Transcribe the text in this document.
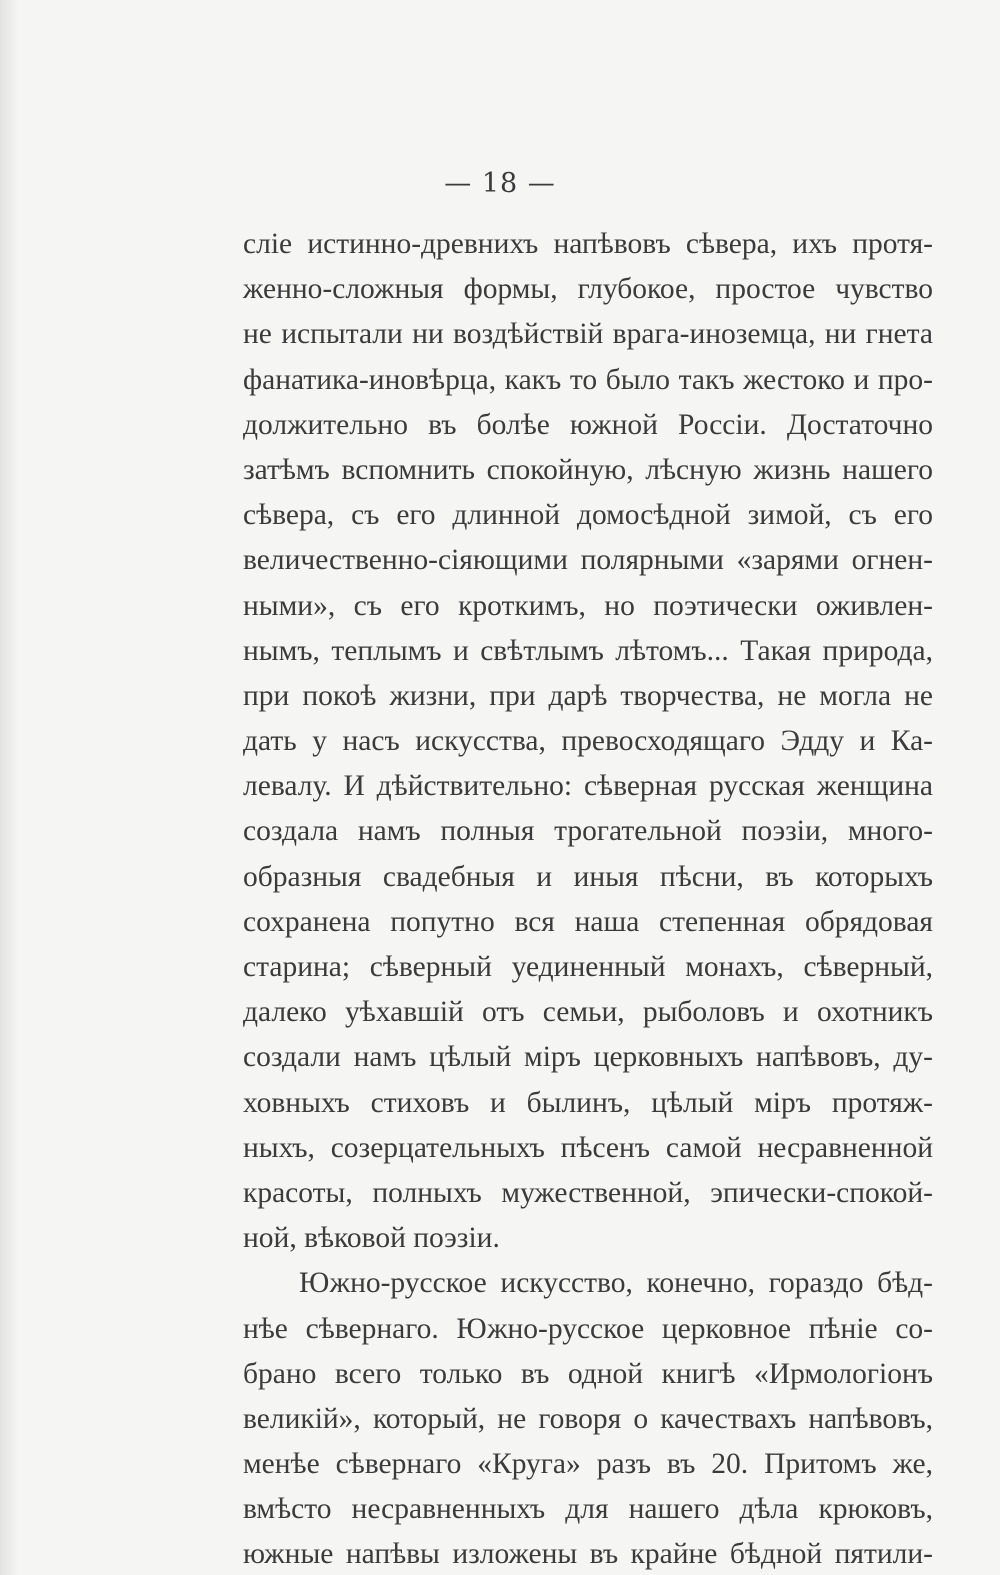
— 18 —
сліе истинно-древнихъ напѣвовъ сѣвера, ихъ протя-
женно-сложныя формы, глубокое, простое чувство
не испытали ни воздѣйствій врага-иноземца, ни гнета
фанатика-иновѣрца, какъ то было такъ жестоко и про-
должительно въ болѣе южной Россіи. Достаточно
затѣмъ вспомнить спокойную, лѣсную жизнь нашего
сѣвера, съ его длинной домосѣдной зимой, съ его
величественно-сіяющими полярными «зарями огнен-
ными», съ его кроткимъ, но поэтически оживлен-
нымъ, теплымъ и свѣтлымъ лѣтомъ... Такая природа,
при покоѣ жизни, при дарѣ творчества, не могла не
дать у насъ искусства, превосходящаго Эдду и Ка-
левалу. И дѣйствительно: сѣверная русская женщина
создала намъ полныя трогательной поэзіи, много-
образныя свадебныя и иныя пѣсни, въ которыхъ
сохранена попутно вся наша степенная обрядовая
старина; сѣверный уединенный монахъ, сѣверный,
далеко уѣхавшій отъ семьи, рыболовъ и охотникъ
создали намъ цѣлый міръ церковныхъ напѣвовъ, ду-
ховныхъ стиховъ и былинъ, цѣлый міръ протяж-
ныхъ, созерцательныхъ пѣсенъ самой несравненной
красоты, полныхъ мужественной, эпически-спокой-
ной, вѣковой поэзіи.
Южно-русское искусство, конечно, гораздо бѣд-
нѣе сѣвернаго. Южно-русское церковное пѣніе со-
брано всего только въ одной книгѣ «Ирмологіонъ
великій», который, не говоря о качествахъ напѣвовъ,
менѣе сѣвернаго «Круга» разъ въ 20. Притомъ же,
вмѣсто несравненныхъ для нашего дѣла крюковъ,
южные напѣвы изложены въ крайне бѣдной пятили-
